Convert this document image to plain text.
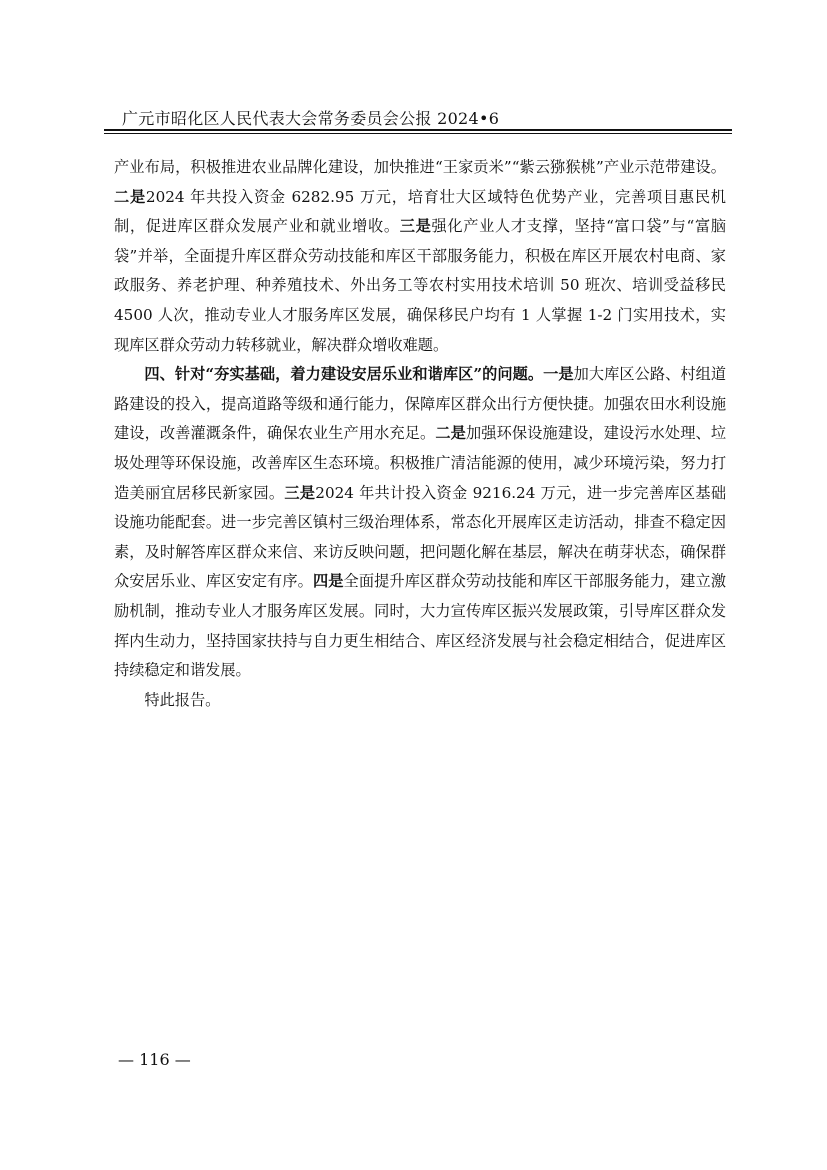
广元市昭化区人民代表大会常务委员会公报 2024•6

产业布局，积极推进农业品牌化建设，加快推进“王家贡米”“紫云猕猴桃”产业示范带建设。二是2024 年共投入资金 6282.95 万元，培育壮大区域特色优势产业，完善项目惠民机制，促进库区群众发展产业和就业增收。三是强化产业人才支撑，坚持“富口袋”与“富脑袋”并举，全面提升库区群众劳动技能和库区干部服务能力，积极在库区开展农村电商、家政服务、养老护理、种养殖技术、外出务工等农村实用技术培训 50 班次、培训受益移民 4500 人次，推动专业人才服务库区发展，确保移民户均有 1 人掌握 1-2 门实用技术，实现库区群众劳动力转移就业，解决群众增收难题。

四、针对“夯实基础，着力建设安居乐业和谐库区”的问题。一是加大库区公路、村组道路建设的投入，提高道路等级和通行能力，保障库区群众出行方便快捷。加强农田水利设施建设，改善灌溉条件，确保农业生产用水充足。二是加强环保设施建设，建设污水处理、垃圾处理等环保设施，改善库区生态环境。积极推广清洁能源的使用，减少环境污染，努力打造美丽宜居移民新家园。三是2024 年共计投入资金 9216.24 万元，进一步完善库区基础设施功能配套。进一步完善区镇村三级治理体系，常态化开展库区走访活动，排查不稳定因素，及时解答库区群众来信、来访反映问题，把问题化解在基层，解决在萌芽状态，确保群众安居乐业、库区安定有序。四是全面提升库区群众劳动技能和库区干部服务能力，建立激励机制，推动专业人才服务库区发展。同时，大力宣传库区振兴发展政策，引导库区群众发挥内生动力，坚持国家扶持与自力更生相结合、库区经济发展与社会稳定相结合，促进库区持续稳定和谐发展。

特此报告。

— 116 —
